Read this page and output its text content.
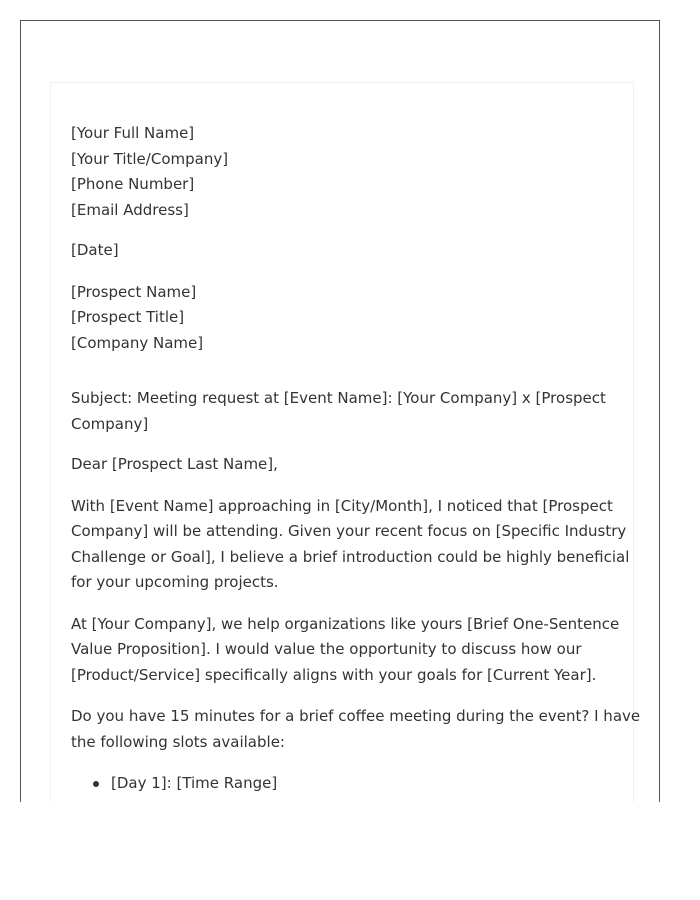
[Your Full Name]
[Your Title/Company]
[Phone Number]
[Email Address]
[Date]
[Prospect Name]
[Prospect Title]
[Company Name]
Subject: Meeting request at [Event Name]: [Your Company] x [Prospect
Company]
Dear [Prospect Last Name],
With [Event Name] approaching in [City/Month], I noticed that [Prospect
Company] will be attending. Given your recent focus on [Specific Industry
Challenge or Goal], I believe a brief introduction could be highly beneficial
for your upcoming projects.
At [Your Company], we help organizations like yours [Brief One-Sentence
Value Proposition]. I would value the opportunity to discuss how our
[Product/Service] specifically aligns with your goals for [Current Year].
Do you have 15 minutes for a brief coffee meeting during the event? I have
the following slots available:
[Day 1]: [Time Range]
